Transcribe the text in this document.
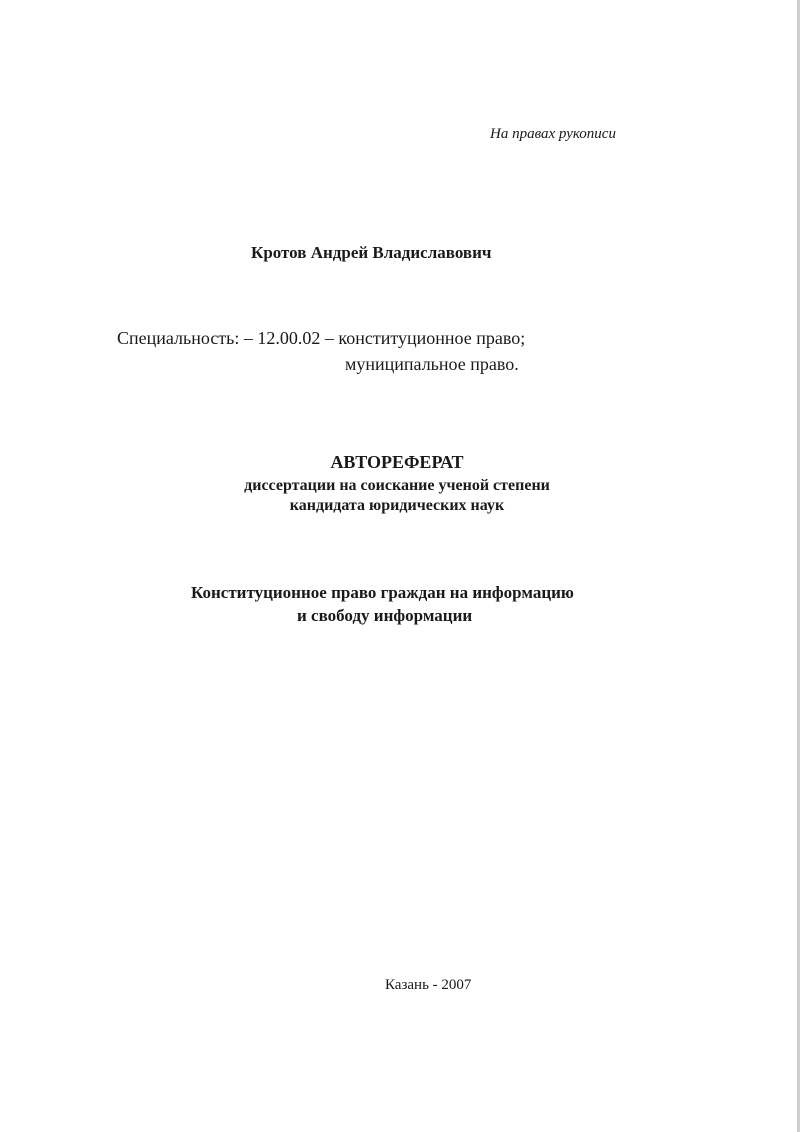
На правах рукописи
Кротов Андрей Владиславович
Специальность: – 12.00.02 – конституционное право;
муниципальное право.
АВТОРЕФЕРАТ
диссертации на соискание ученой степени
кандидата юридических наук
Конституционное право граждан на информацию
и свободу информации
Казань - 2007
